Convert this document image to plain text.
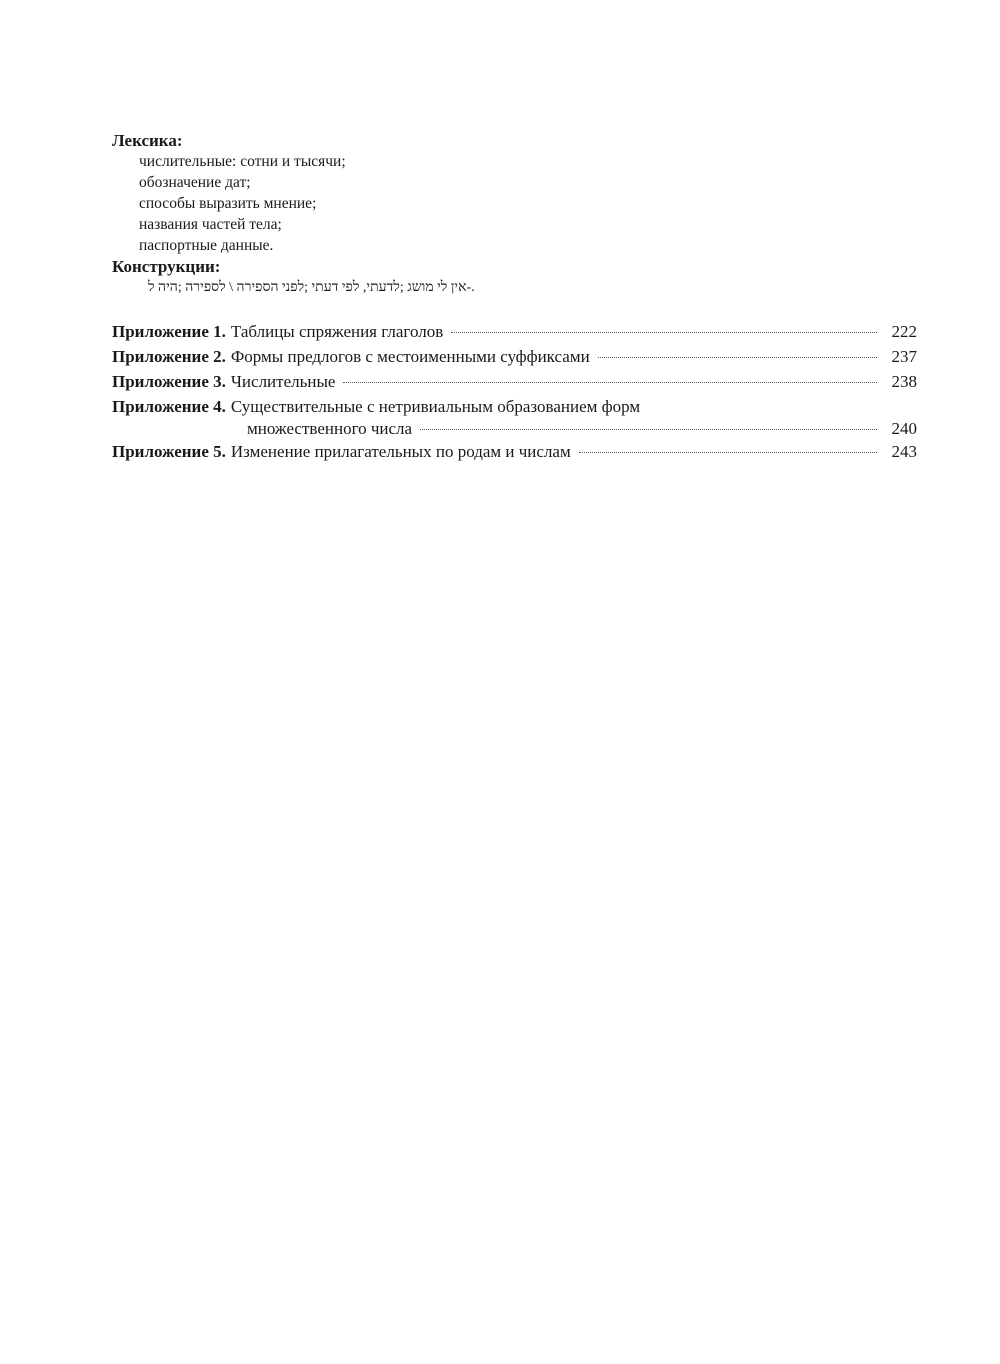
Лексика:
числительные: сотни и тысячи;
обозначение дат;
способы выразить мнение;
названия частей тела;
паспортные данные.
Конструкции:
אין לי מושג ;לדעתי, לפי דעתי ;לפני הספירה \ לספירה ;היה ל-.
Приложение 1. Таблицы спряжения глаголов	222
Приложение 2. Формы предлогов с местоименными суффиксами	237
Приложение 3. Числительные	238
Приложение 4. Существительные с нетривиальным образованием форм
множественного числа	240
Приложение 5. Изменение прилагательных по родам и числам	243
